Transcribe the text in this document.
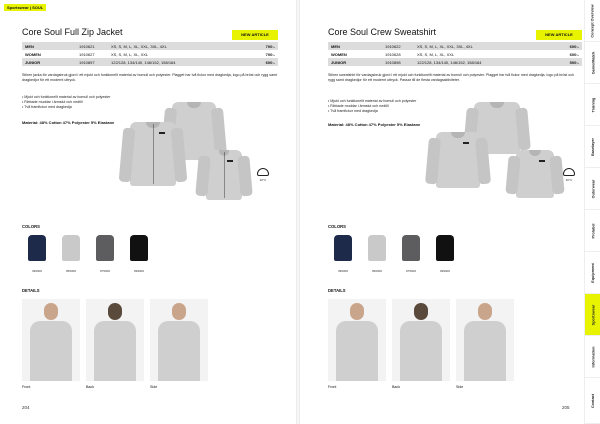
Sportswear | SOUL
Core Soul Full Zip Jacket	NEW ARTICLE
MEN	1910621	XS, S, M, L, XL, XXL, 3XL, 4XL	700:-
WOMEN	1910627	XS, S, M, L, XL, XXL	700:-
JUNIOR	1910897	122/128, 134/140, 146/152, 158/164	600:-

Stilren jacka för vardagsbruk gjord i ett mjukt och funktionellt material av bomull och polyester. Plagget har två fickor med dragkedja, logo på bröst och rygg samt dragkedjor för ett modernt uttryck.

• Mjukt och funktionellt material av bomull och polyester
• Ribbade muddar i ärmslut och nedtill
• Två framfickor med dragkedja
Material: 48% Cotton 47% Polyester 5% Elastane
30°C
COLORS
396000	950000	975000	999000
DETAILS
Front	Back	Side
204
Core Soul Crew Sweatshirt	NEW ARTICLE
MEN	1910622	XS, S, M, L, XL, XXL, 3XL, 4XL	600:-
WOMEN	1910628	XS, S, M, L, XL, XXL	600:-
JUNIOR	1910898	122/128, 134/140, 146/152, 158/164	500:-

Stilren sweatshirt för vardagsbruk gjord i ett mjukt och funktionellt material av bomull och polyester. Plagget har två fickor med dragkedja, logo på bröst och rygg samt dragkedjor för ett modernt uttryck. Passar till de flesta vardagsaktiviteter.

• Mjukt och funktionellt material av bomull och polyester
• Ribbade muddar i ärmslut och nedtill
• Två framfickor med dragkedja
Material: 48% Cotton 47% Polyester 5% Elastane
30°C
COLORS
396000	950000	975000	999000
DETAILS
Front	Back	Side
205
Concept Overview
Game/Match
Training
Baselayer
Outerwear
Prolabel
Equipment
Sportswear
Information
Contact
